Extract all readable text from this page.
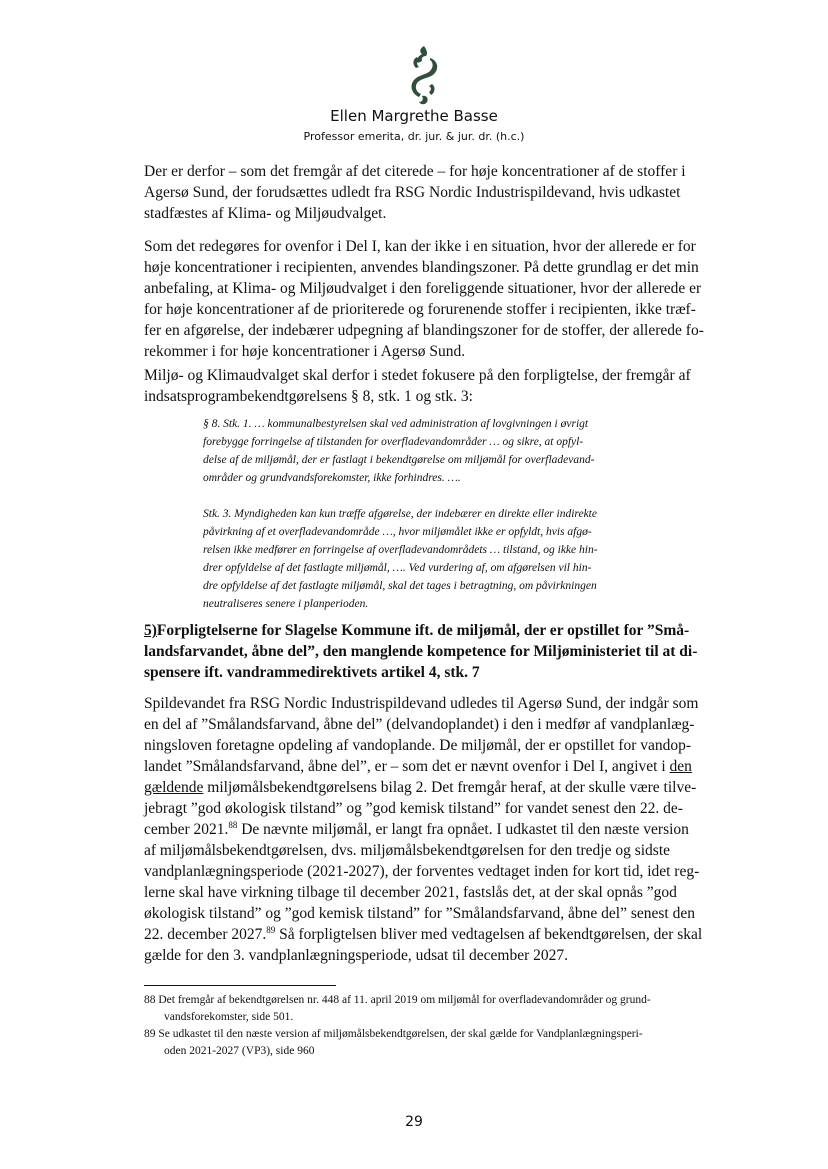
Ellen Margrethe Basse
Professor emerita, dr. jur. & jur. dr. (h.c.)
Der er derfor – som det fremgår af det citerede – for høje koncentrationer af de stoffer i
Agersø Sund, der forudsættes udledt fra RSG Nordic Industrispildevand, hvis udkastet
stadfæstes af Klima- og Miljøudvalget.
Som det redegøres for ovenfor i Del I, kan der ikke i en situation, hvor der allerede er for
høje koncentrationer i recipienten, anvendes blandingszoner. På dette grundlag er det min
anbefaling, at Klima- og Miljøudvalget i den foreliggende situationer, hvor der allerede er
for høje koncentrationer af de prioriterede og forurenende stoffer i recipienten, ikke træf-
fer en afgørelse, der indebærer udpegning af blandingszoner for de stoffer, der allerede fo-
rekommer i for høje koncentrationer i Agersø Sund.
Miljø- og Klimaudvalget skal derfor i stedet fokusere på den forpligtelse, der fremgår af
indsatsprogrambekendtgørelsens § 8, stk. 1 og stk. 3:
§ 8. Stk. 1. … kommunalbestyrelsen skal ved administration af lovgivningen i øvrigt
forebygge forringelse af tilstanden for overfladevandområder … og sikre, at opfyl-
delse af de miljømål, der er fastlagt i bekendtgørelse om miljømål for overfladevand-
områder og grundvandsforekomster, ikke forhindres. ….
Stk. 3. Myndigheden kan kun træffe afgørelse, der indebærer en direkte eller indirekte
påvirkning af et overfladevandområde …, hvor miljømålet ikke er opfyldt, hvis afgø-
relsen ikke medfører en forringelse af overfladevandområdets … tilstand, og ikke hin-
drer opfyldelse af det fastlagte miljømål, …. Ved vurdering af, om afgørelsen vil hin-
dre opfyldelse af det fastlagte miljømål, skal det tages i betragtning, om påvirkningen
neutraliseres senere i planperioden.
5)Forpligtelserne for Slagelse Kommune ift. de miljømål, der er opstillet for ”Små-
landsfarvandet, åbne del”, den manglende kompetence for Miljøministeriet til at di-
spensere ift. vandrammedirektivets artikel 4, stk. 7
Spildevandet fra RSG Nordic Industrispildevand udledes til Agersø Sund, der indgår som
en del af ”Smålandsfarvand, åbne del” (delvandoplandet) i den i medfør af vandplanlæg-
ningsloven foretagne opdeling af vandoplande. De miljømål, der er opstillet for vandop-
landet ”Smålandsfarvand, åbne del”, er – som det er nævnt ovenfor i Del I, angivet i den
gældende miljømålsbekendtgørelsens bilag 2. Det fremgår heraf, at der skulle være tilve-
jebragt ”god økologisk tilstand” og ”god kemisk tilstand” for vandet senest den 22. de-
cember 2021.88 De nævnte miljømål, er langt fra opnået. I udkastet til den næste version
af miljømålsbekendtgørelsen, dvs. miljømålsbekendtgørelsen for den tredje og sidste
vandplanlægningsperiode (2021-2027), der forventes vedtaget inden for kort tid, idet reg-
lerne skal have virkning tilbage til december 2021, fastslås det, at der skal opnås ”god
økologisk tilstand” og ”god kemisk tilstand” for ”Smålandsfarvand, åbne del” senest den
22. december 2027.89 Så forpligtelsen bliver med vedtagelsen af bekendtgørelsen, der skal
gælde for den 3. vandplanlægningsperiode, udsat til december 2027.
88 Det fremgår af bekendtgørelsen nr. 448 af 11. april 2019 om miljømål for overfladevandområder og grund-
vandsforekomster, side 501.
89 Se udkastet til den næste version af miljømålsbekendtgørelsen, der skal gælde for Vandplanlægningsperi-
oden 2021-2027 (VP3), side 960
29
